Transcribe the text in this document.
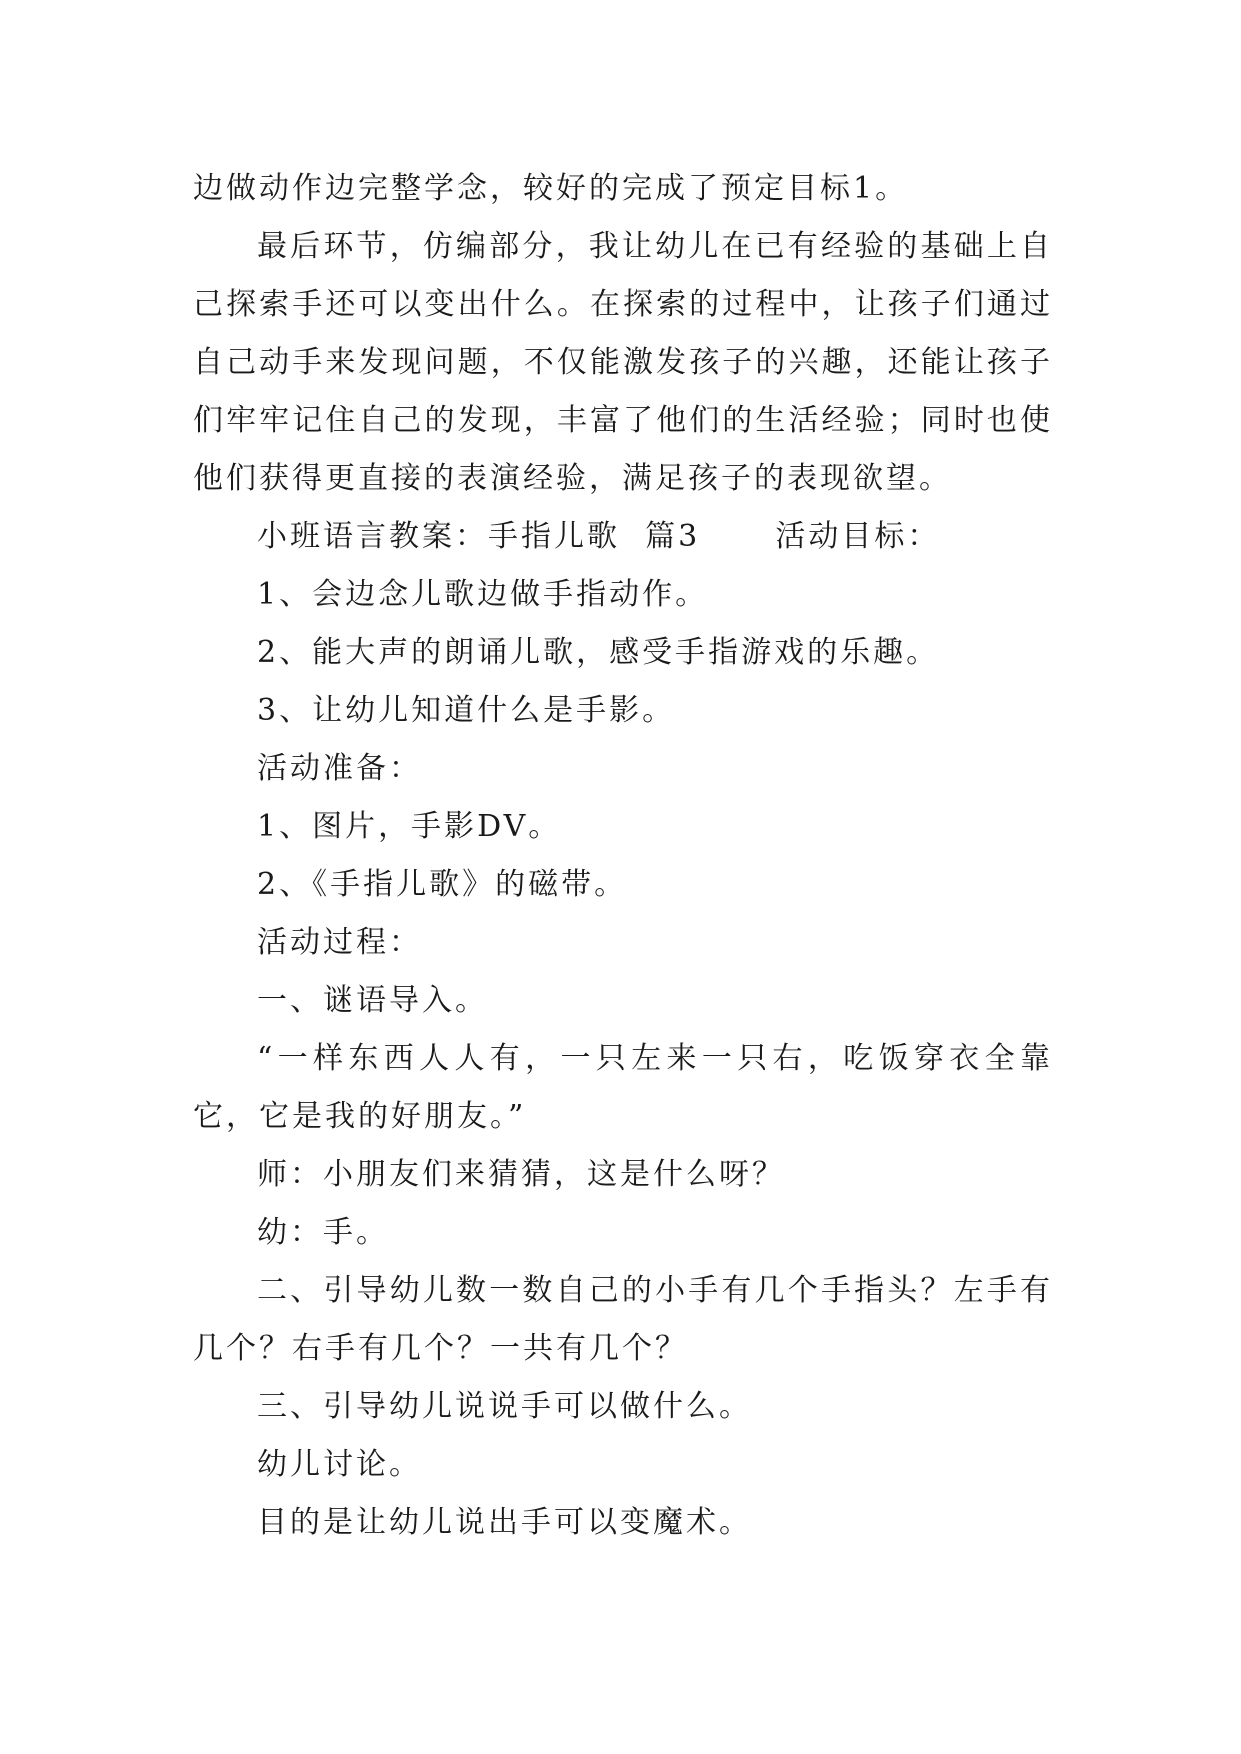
边做动作边完整学念，较好的完成了预定目标1。

最后环节，仿编部分，我让幼儿在已有经验的基础上自己探索手还可以变出什么。在探索的过程中，让孩子们通过自己动手来发现问题，不仅能激发孩子的兴趣，还能让孩子们牢牢记住自己的发现，丰富了他们的生活经验；同时也使他们获得更直接的表演经验，满足孩子的表现欲望。

小班语言教案：手指儿歌  篇3      活动目标：

1、会边念儿歌边做手指动作。

2、能大声的朗诵儿歌，感受手指游戏的乐趣。

3、让幼儿知道什么是手影。

活动准备：

1、图片，手影DV。

2、《手指儿歌》的磁带。

活动过程：

一、谜语导入。

“一样东西人人有，一只左来一只右，吃饭穿衣全靠它，它是我的好朋友。”

师：小朋友们来猜猜，这是什么呀？

幼：手。

二、引导幼儿数一数自己的小手有几个手指头？左手有几个？右手有几个？一共有几个？

三、引导幼儿说说手可以做什么。

幼儿讨论。

目的是让幼儿说出手可以变魔术。
